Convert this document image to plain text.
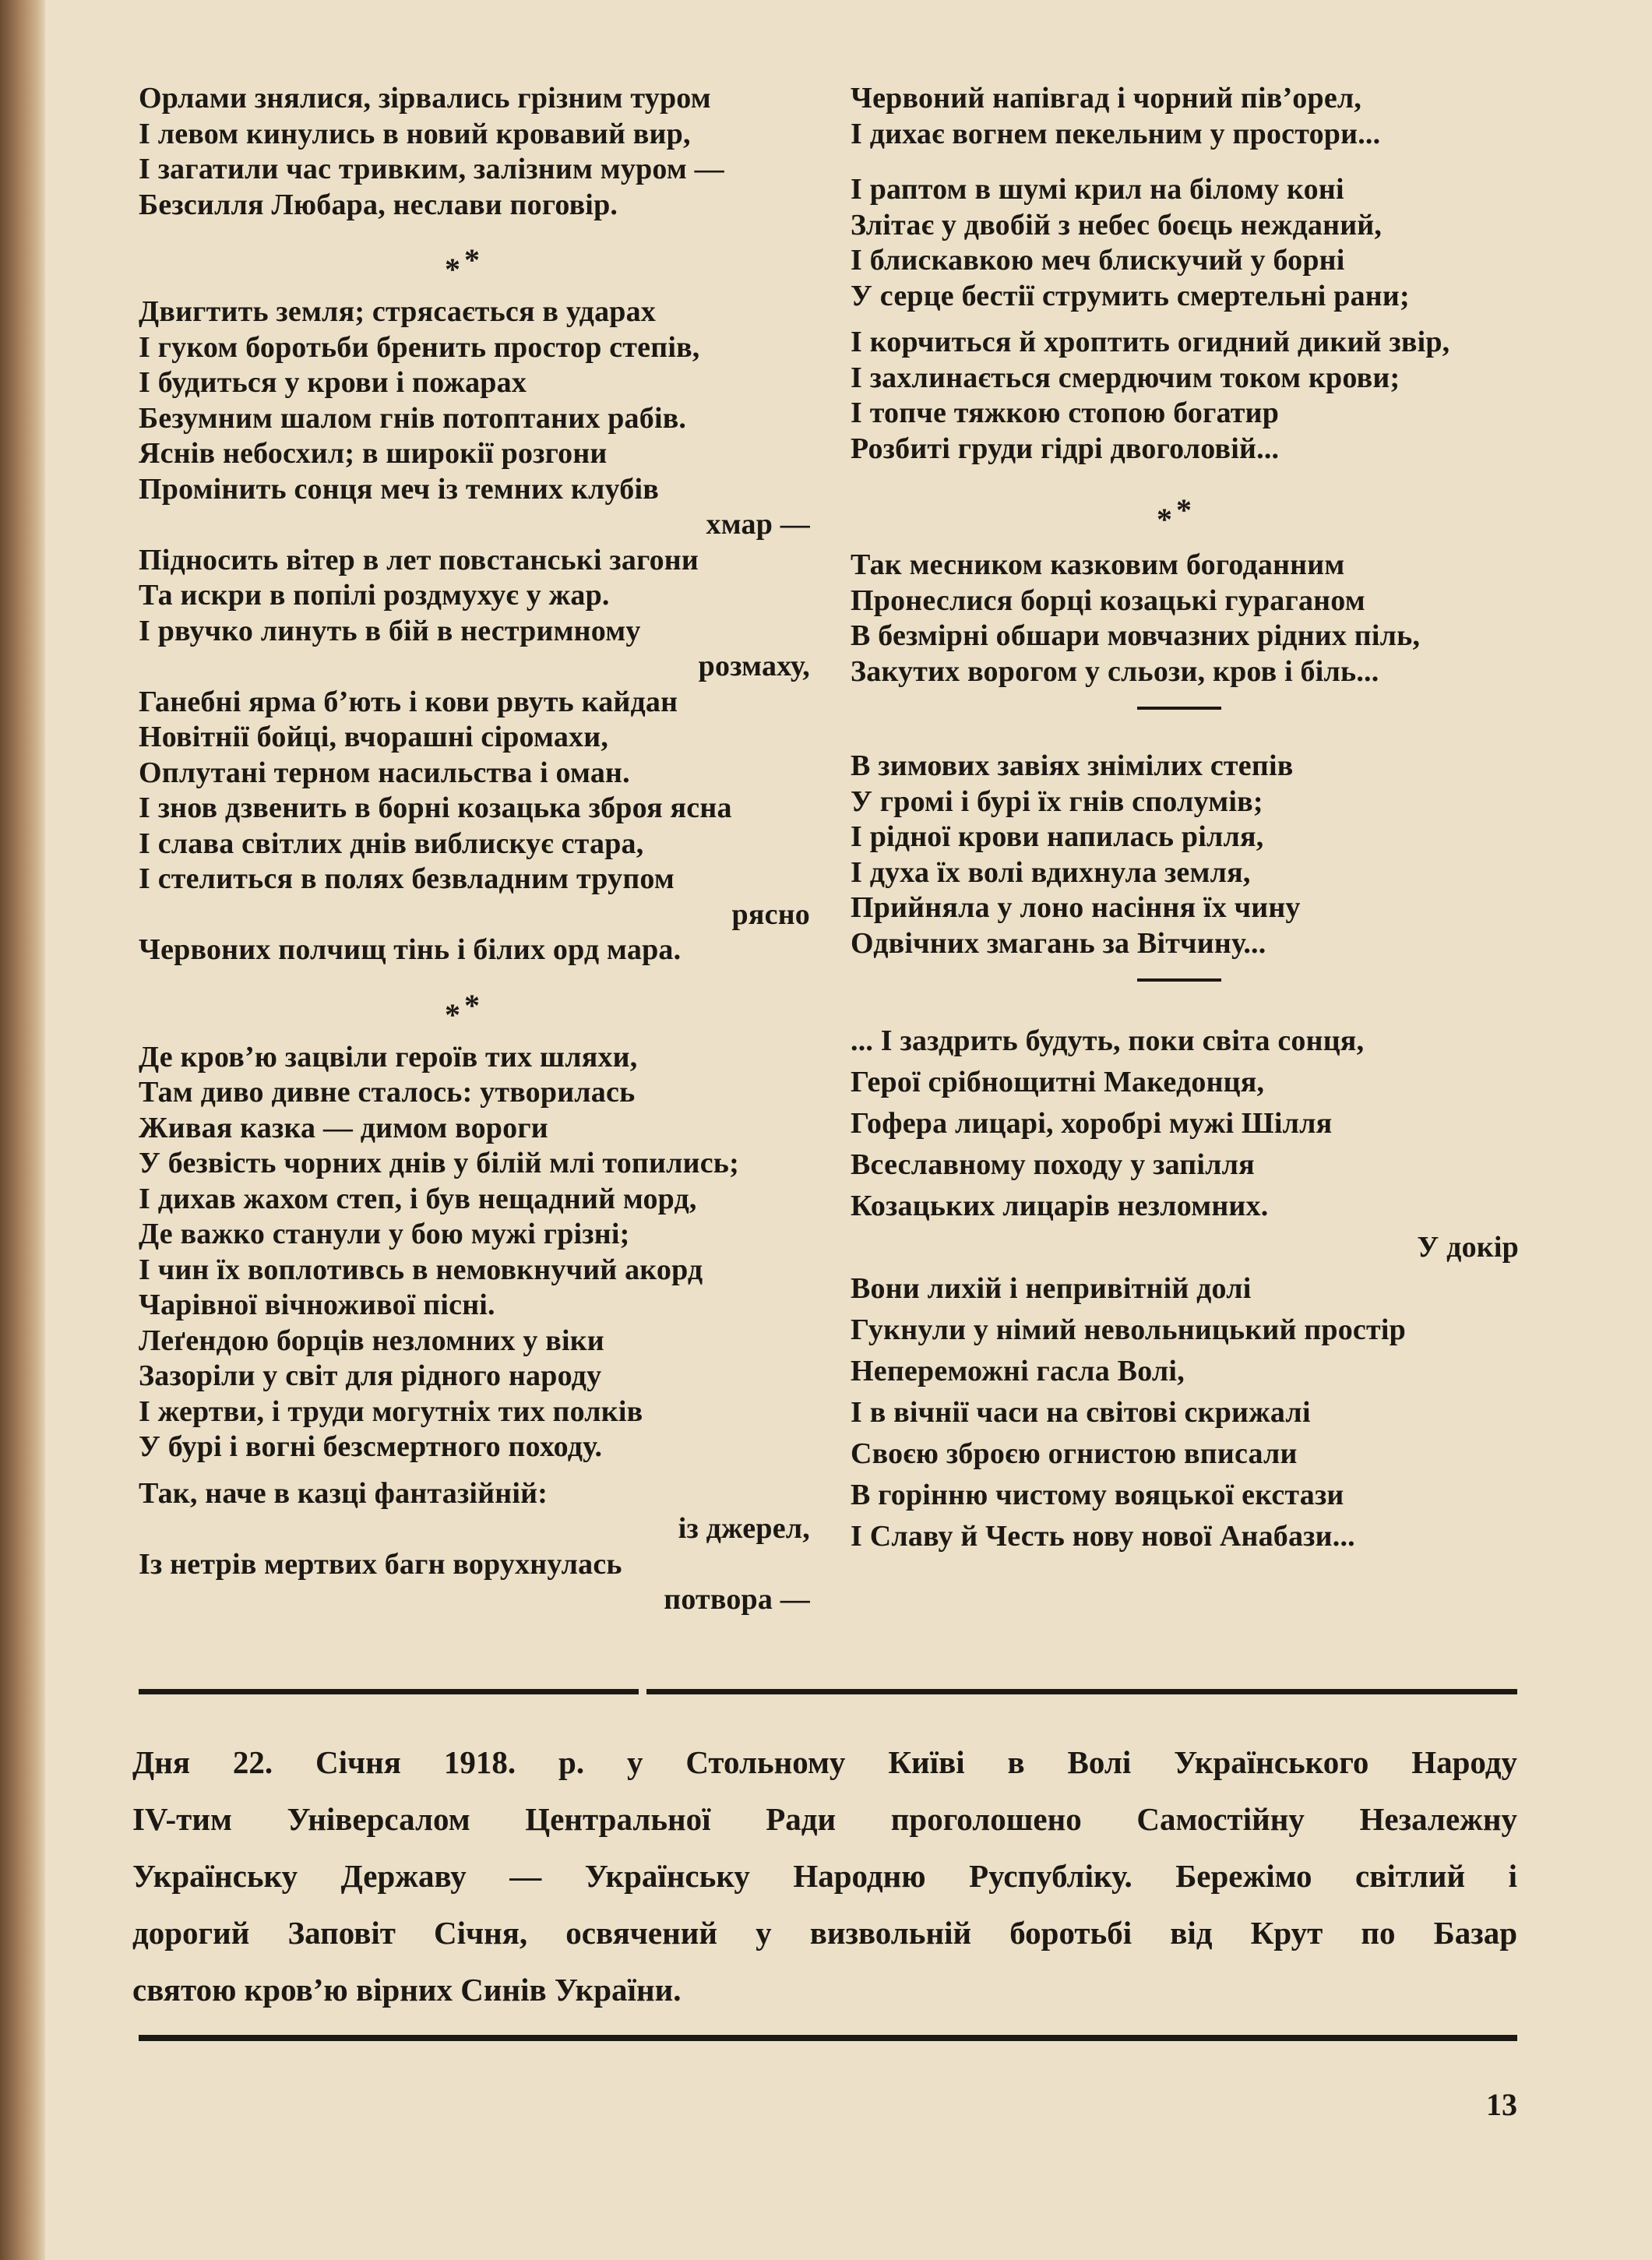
Орлами знялися, зірвались грізним туром
І левом кинулись в новий кровавий вир,
І загатили час тривким, залізним муром —
Безсилля Любара, неслави поговір.
* *
Двигтить земля; стрясається в ударах
І гуком боротьби бренить простор степів,
І будиться у крови і пожарах
Безумним шалом гнів потоптаних рабів.
Яснів небосхил; в широкії розгони
Промінить сонця меч із темних клубів
хмар —
Підносить вітер в лет повстанські загони
Та искри в попілі роздмухує у жар.
І рвучко линуть в бій в нестримному
розмаху,
Ганебні ярма б’ють і кови рвуть кайдан
Новітнії бойці, вчорашні сіромахи,
Оплутані терном насильства і оман.
І знов дзвенить в борні козацька зброя ясна
І слава світлих днів виблискує стара,
І стелиться в полях безвладним трупом
рясно
Червоних полчищ тінь і білих орд мара.
* *
Де кров’ю зацвіли героїв тих шляхи,
Там диво дивне сталось: утворилась
Живая казка — димом вороги
У безвість чорних днів у білій млі топились;
І дихав жахом степ, і був нещадний морд,
Де важко станули у бою мужі грізні;
І чин їх воплотивсь в немовкнучий акорд
Чарівної вічноживої пісні.
Леґендою борців незломних у віки
Зазоріли у світ для рідного народу
І жертви, і труди могутніх тих полків
У бурі і вогні безсмертного походу.
Так, наче в казці фантазійній:
із джерел,
Із нетрів мертвих багн ворухнулась
потвора —
Червоний напівгад і чорний пів’орел,
І дихає вогнем пекельним у простори...
І раптом в шумі крил на білому коні
Злітає у двобій з небес боєць нежданий,
І блискавкою меч блискучий у борні
У серце бестії струмить смертельні рани;
І корчиться й хроптить огидний дикий звір,
І захлинається смердючим током крови;
І топче тяжкою стопою богатир
Розбиті груди гідрі двоголовій...
* *
Так месником казковим богоданним
Пронеслися борці козацькі гураганом
В безмірні обшари мовчазних рідних піль,
Закутих ворогом у сльози, кров і біль...
В зимових завіях знімілих степів
У громі і бурі їх гнів сполумів;
І рідної крови напилась рілля,
І духа їх волі вдихнула земля,
Прийняла у лоно насіння їх чину
Одвічних змагань за Вітчину...
... І заздрить будуть, поки світа сонця,
Герої срібнощитні Македонця,
Гофера лицарі, хоробрі мужі Шілля
Всеславному походу у запілля
Козацьких лицарів незломних.
У докір
Вони лихій і непривітній долі
Гукнули у німий невольницький простір
Непереможні гасла Волі,
І в вічнії часи на світові скрижалі
Своєю зброєю огнистою вписали
В горінню чистому вояцької екстази
І Славу й Честь нову нової Анабази...
Дня 22. Січня 1918. р. у Стольному Київі в Волі Українського Народу
IV-тим Універсалом Центральної Ради проголошено Самостійну Незалежну
Українську Державу — Українську Народню Руспубліку. Бережімо світлий і
дорогий Заповіт Січня, освячений у визвольній боротьбі від Крут по Базар
святою кров’ю вірних Синів України.
13
